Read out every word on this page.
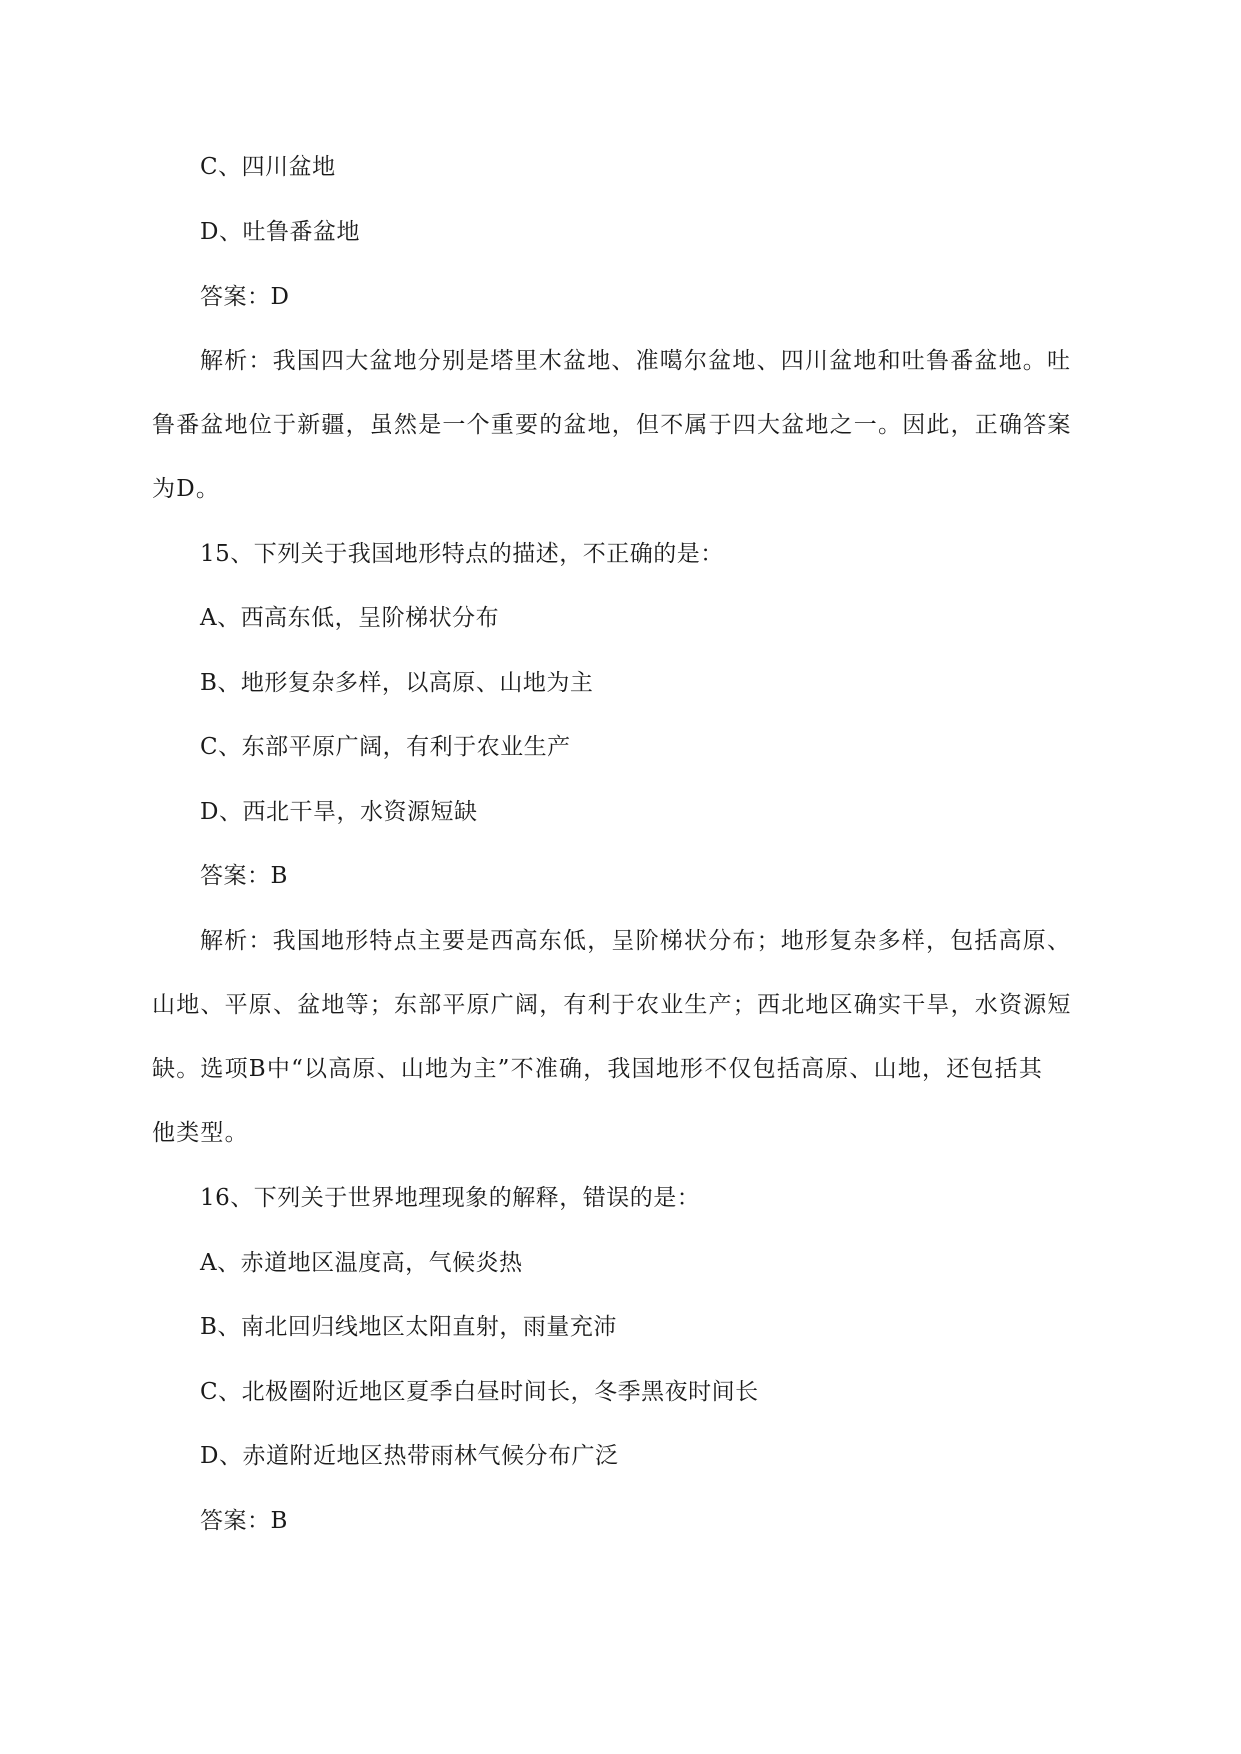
C、四川盆地
D、吐鲁番盆地
答案：D
解析：我国四大盆地分别是塔里木盆地、准噶尔盆地、四川盆地和吐鲁番盆地。吐
鲁番盆地位于新疆，虽然是一个重要的盆地，但不属于四大盆地之一。因此，正确答案
为D。
15、下列关于我国地形特点的描述，不正确的是：
A、西高东低，呈阶梯状分布
B、地形复杂多样，以高原、山地为主
C、东部平原广阔，有利于农业生产
D、西北干旱，水资源短缺
答案：B
解析：我国地形特点主要是西高东低，呈阶梯状分布；地形复杂多样，包括高原、
山地、平原、盆地等；东部平原广阔，有利于农业生产；西北地区确实干旱，水资源短
缺。选项B中“以高原、山地为主”不准确，我国地形不仅包括高原、山地，还包括其
他类型。
16、下列关于世界地理现象的解释，错误的是：
A、赤道地区温度高，气候炎热
B、南北回归线地区太阳直射，雨量充沛
C、北极圈附近地区夏季白昼时间长，冬季黑夜时间长
D、赤道附近地区热带雨林气候分布广泛
答案：B
